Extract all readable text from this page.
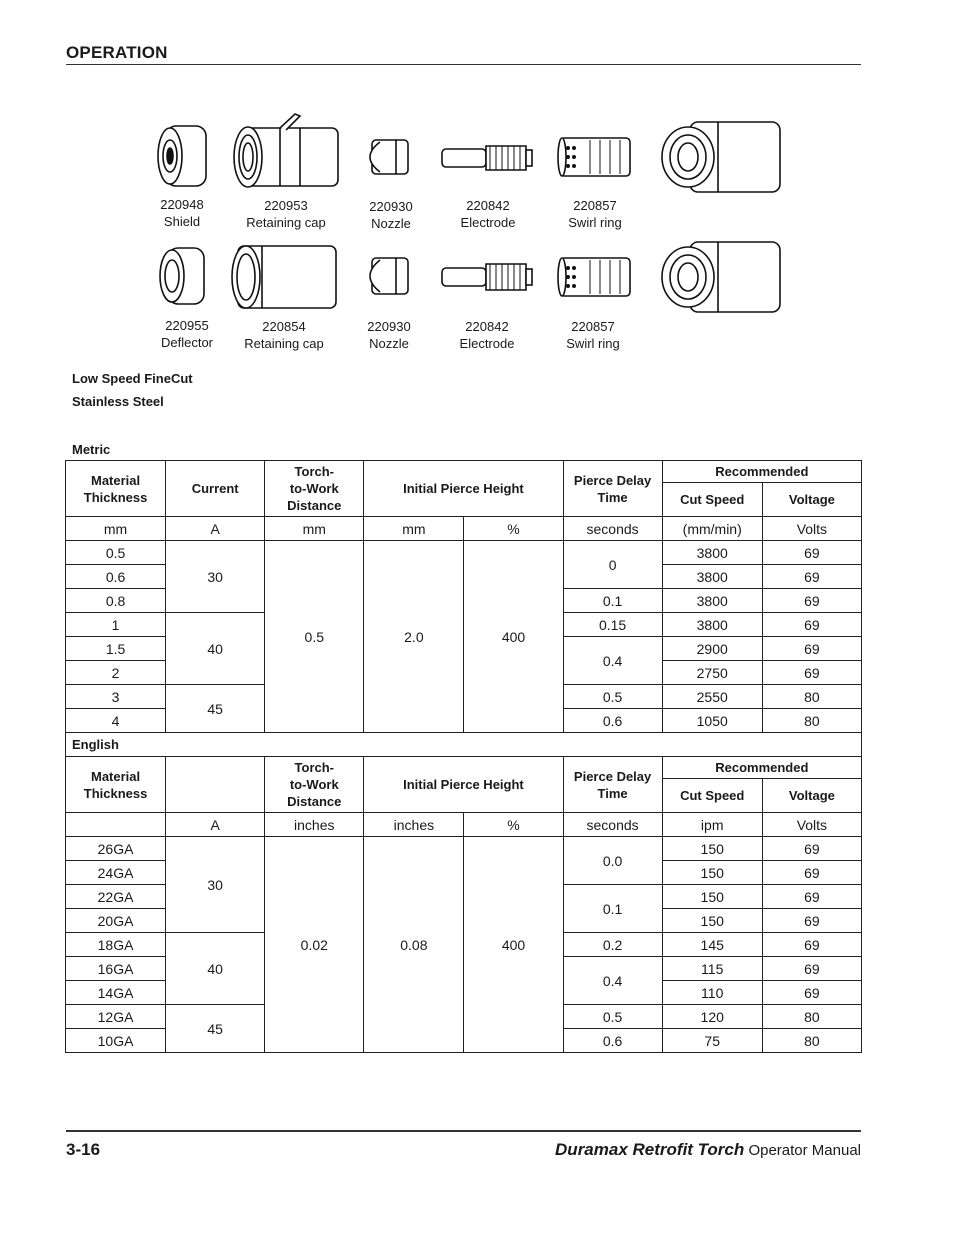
OPERATION
220948
Shield
220953
Retaining cap
220930
Nozzle
220842
Electrode
220857
Swirl ring
220955
Deflector
220854
Retaining cap
220930
Nozzle
220842
Electrode
220857
Swirl ring
Low Speed FineCut
Stainless Steel
Metric
Material Thickness	Current	Torch-
to-Work
Distance	Initial Pierce Height		Pierce Delay Time	Recommended	
						Cut Speed	Voltage
mm	A	mm	mm	%	seconds	(mm/min)	Volts
0.5	30	0.5	2.0	400	0	3800	69
0.6						3800	69
0.8					0.1	3800	69
1	40				0.15	3800	69
1.5					0.4	2900	69
2						2750	69
3	45				0.5	2550	80
4					0.6	1050	80
English							
Material Thickness		Torch-
to-Work
Distance	Initial Pierce Height		Pierce Delay Time	Recommended	
						Cut Speed	Voltage
	A	inches	inches	%	seconds	ipm	Volts
26GA	30	0.02	0.08	400	0.0	150	69
24GA						150	69
22GA					0.1	150	69
20GA						150	69
18GA	40				0.2	145	69
16GA					0.4	115	69
14GA						110	69
12GA	45				0.5	120	80
10GA					0.6	75	80
3-16	Duramax Retrofit Torch Operator Manual
